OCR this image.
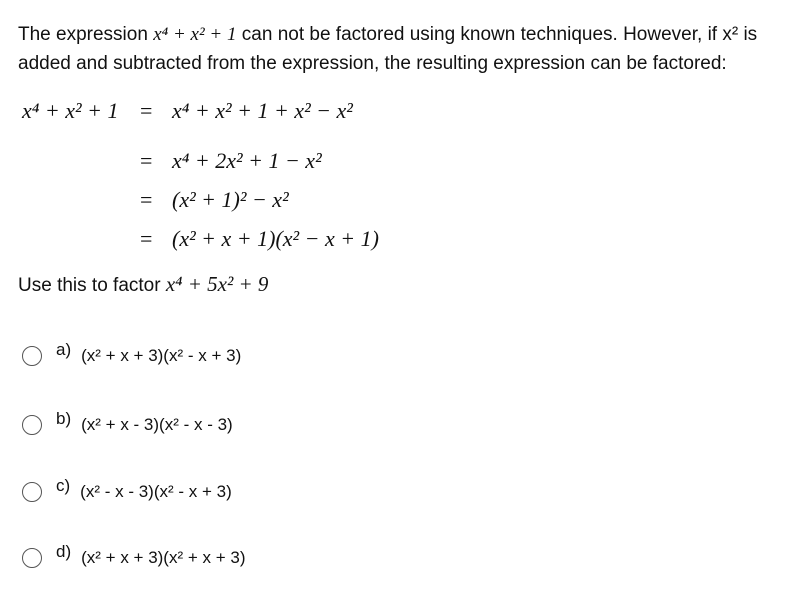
The expression x⁴ + x² + 1 can not be factored using known techniques. However, if x² is added and subtracted from the expression, the resulting expression can be factored:
x⁴ + x² + 1 = x⁴ + x² + 1 + x² − x²
= x⁴ + 2x² + 1 − x²
= (x² + 1)² − x²
= (x² + x + 1)(x² − x + 1)
Use this to factor x⁴ + 5x² + 9
a) (x² + x + 3)(x² - x + 3)
b) (x² + x - 3)(x² - x - 3)
c) (x² - x - 3)(x² - x + 3)
d) (x² + x + 3)(x² + x + 3)
